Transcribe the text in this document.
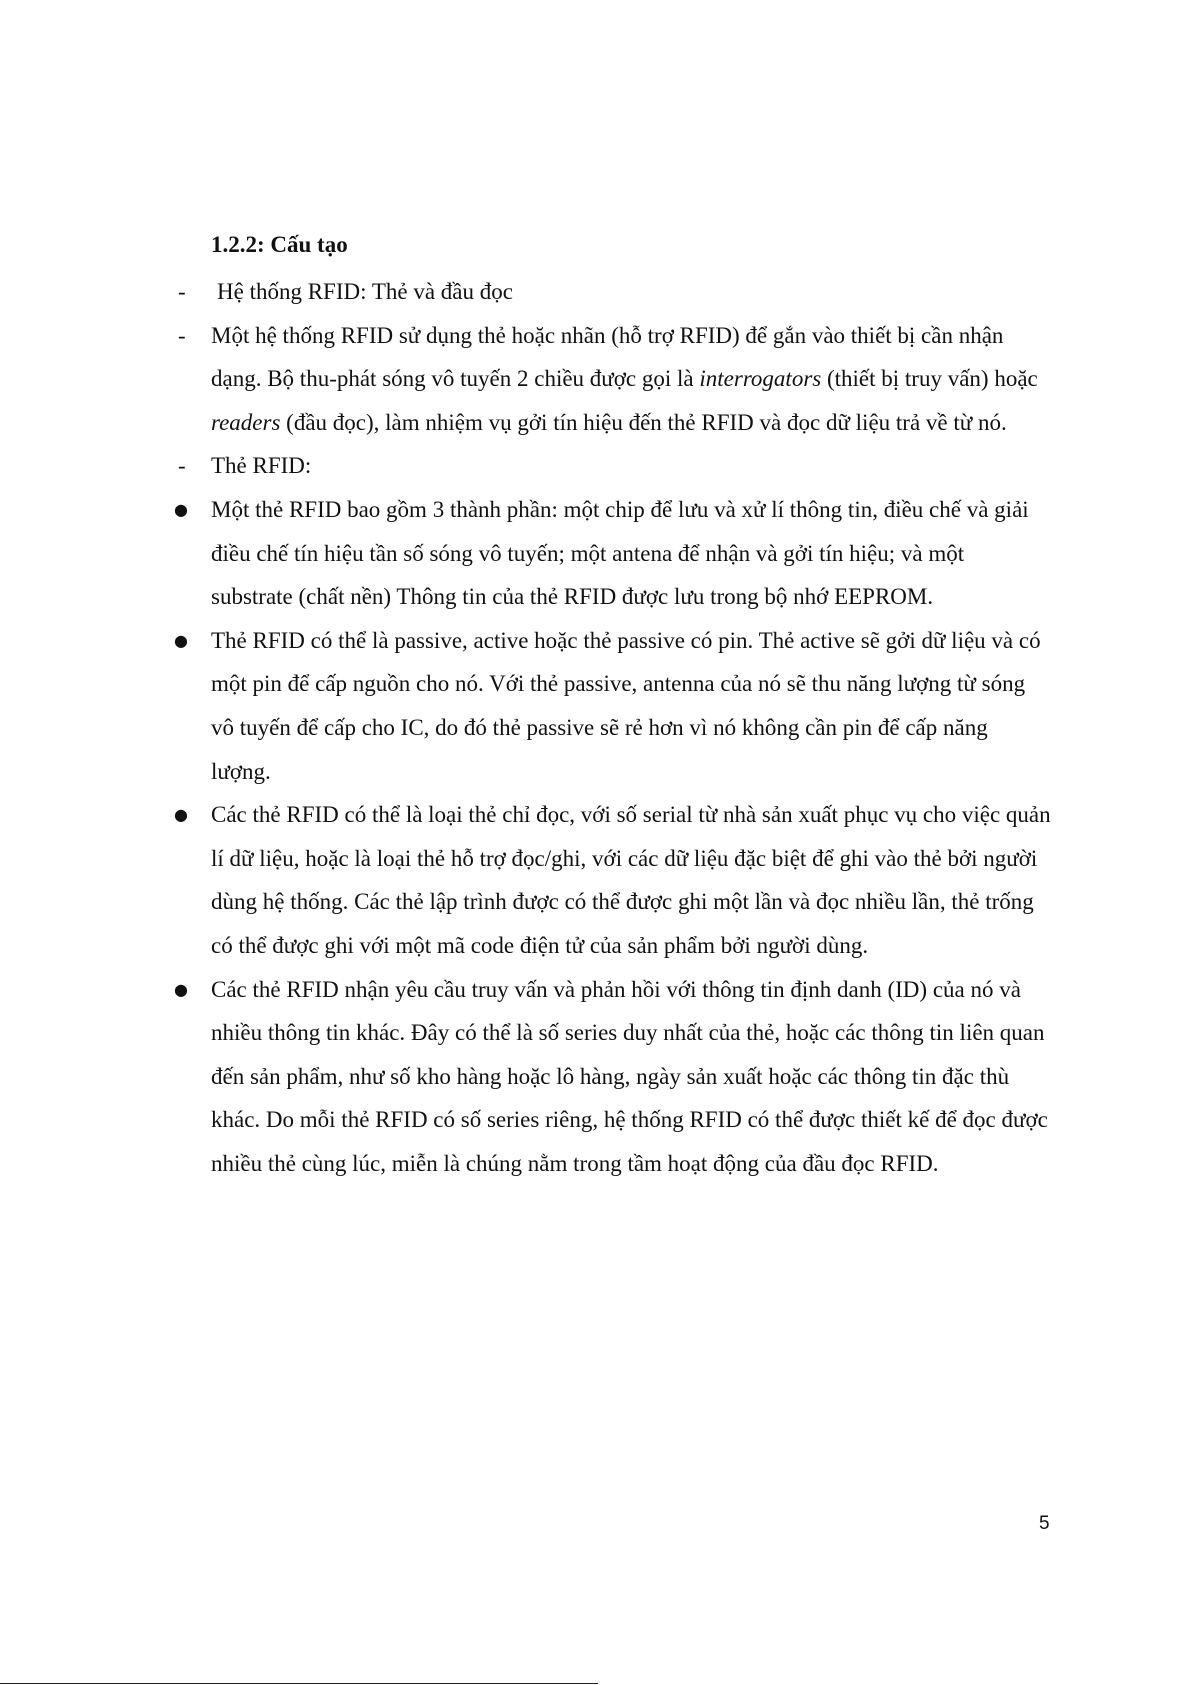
1.2.2: Cấu tạo
-	Hệ thống RFID: Thẻ và đầu đọc

-	Một hệ thống RFID sử dụng thẻ hoặc nhãn (hỗ trợ RFID) để gắn vào thiết bị cần nhận dạng. Bộ thu-phát sóng vô tuyến 2 chiều được gọi là interrogators (thiết bị truy vấn) hoặc readers (đầu đọc), làm nhiệm vụ gởi tín hiệu đến thẻ RFID và đọc dữ liệu trả về từ nó.

-	Thẻ RFID:

● Một thẻ RFID bao gồm 3 thành phần: một chip để lưu và xử lí thông tin, điều chế và giải điều chế tín hiệu tần số sóng vô tuyến; một antena để nhận và gởi tín hiệu; và một substrate (chất nền) Thông tin của thẻ RFID được lưu trong bộ nhớ EEPROM.

● Thẻ RFID có thể là passive, active hoặc thẻ passive có pin. Thẻ active sẽ gởi dữ liệu và có một pin để cấp nguồn cho nó. Với thẻ passive, antenna của nó sẽ thu năng lượng từ sóng vô tuyến để cấp cho IC, do đó thẻ passive sẽ rẻ hơn vì nó không cần pin để cấp năng lượng.

● Các thẻ RFID có thể là loại thẻ chỉ đọc, với số serial từ nhà sản xuất phục vụ cho việc quản lí dữ liệu, hoặc là loại thẻ hỗ trợ đọc/ghi, với các dữ liệu đặc biệt để ghi vào thẻ bởi người dùng hệ thống. Các thẻ lập trình được có thể được ghi một lần và đọc nhiều lần, thẻ trống có thể được ghi với một mã code điện tử của sản phẩm bởi người dùng.

● Các thẻ RFID nhận yêu cầu truy vấn và phản hồi với thông tin định danh (ID) của nó và nhiều thông tin khác. Đây có thể là số series duy nhất của thẻ, hoặc các thông tin liên quan đến sản phẩm, như số kho hàng hoặc lô hàng, ngày sản xuất hoặc các thông tin đặc thù khác. Do mỗi thẻ RFID có số series riêng, hệ thống RFID có thể được thiết kế để đọc được nhiều thẻ cùng lúc, miễn là chúng nằm trong tầm hoạt động của đầu đọc RFID.

5
